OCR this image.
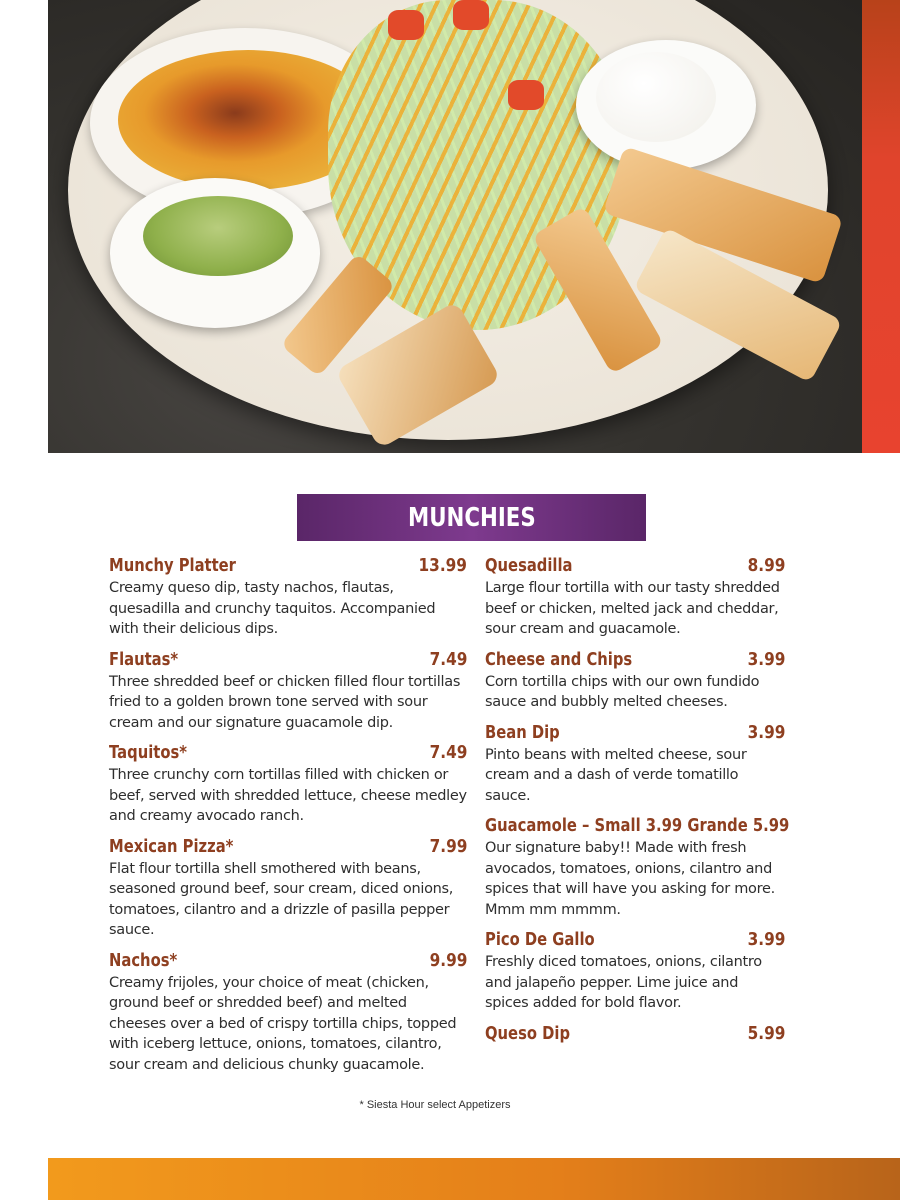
MUNCHIES
Munchy Platter	13.99
Creamy queso dip, tasty nachos, flautas, quesadilla and crunchy taquitos. Accompanied with their delicious dips.
Flautas*	7.49
Three shredded beef or chicken filled flour tortillas fried to a golden brown tone served with sour cream and our signature guacamole dip.
Taquitos*	7.49
Three crunchy corn tortillas filled with chicken or beef, served with shredded lettuce, cheese medley and creamy avocado ranch.
Mexican Pizza*	7.99
Flat flour tortilla shell smothered with beans, seasoned ground beef, sour cream, diced onions, tomatoes, cilantro and a drizzle of pasilla pepper sauce.
Nachos*	9.99
Creamy frijoles, your choice of meat (chicken, ground beef or shredded beef) and melted cheeses over a bed of crispy tortilla chips, topped with iceberg lettuce, onions, tomatoes, cilantro, sour cream and delicious chunky guacamole.
Quesadilla	8.99
Large flour tortilla with our tasty shredded beef or chicken, melted jack and cheddar, sour cream and guacamole.
Cheese and Chips	3.99
Corn tortilla chips with our own fundido sauce and bubbly melted cheeses.
Bean Dip	3.99
Pinto beans with melted cheese, sour cream and a dash of verde tomatillo sauce.
Guacamole – Small 3.99 Grande 5.99
Our signature baby!! Made with fresh avocados, tomatoes, onions, cilantro and spices that will have you asking for more. Mmm mm mmmm.
Pico De Gallo	3.99
Freshly diced tomatoes, onions, cilantro and jalapeño pepper. Lime juice and spices added for bold flavor.
Queso Dip	5.99
* Siesta Hour select Appetizers
